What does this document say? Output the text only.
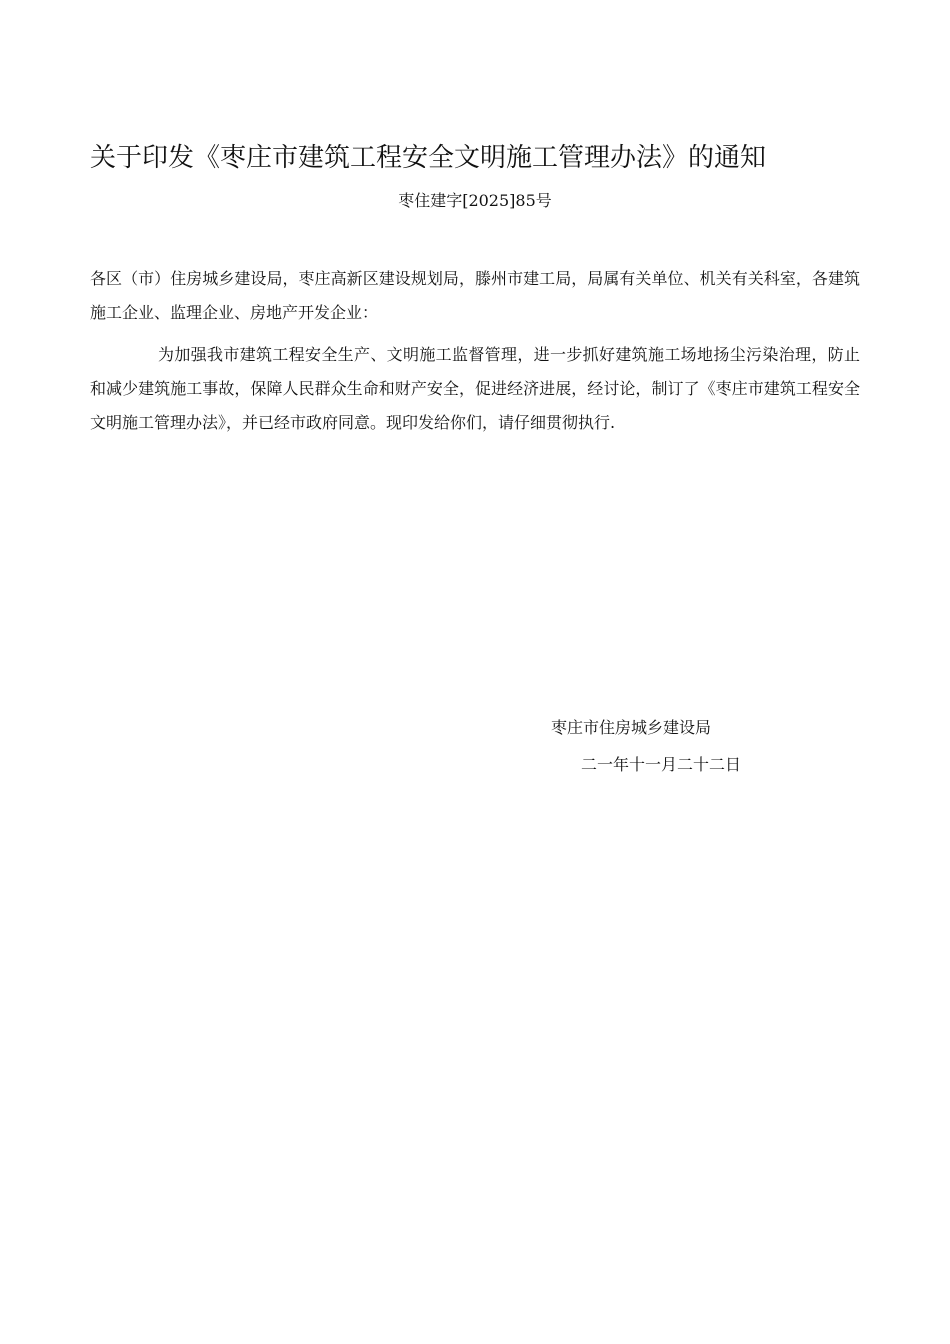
关于印发《枣庄市建筑工程安全文明施工管理办法》的通知
枣住建字[2025]85号
各区（市）住房城乡建设局，枣庄高新区建设规划局，滕州市建工局，局属有关单位、机关有关科室，各建筑施工企业、监理企业、房地产开发企业：
为加强我市建筑工程安全生产、文明施工监督管理，进一步抓好建筑施工场地扬尘污染治理，防止和减少建筑施工事故，保障人民群众生命和财产安全，促进经济进展，经讨论，制订了《枣庄市建筑工程安全文明施工管理办法》，并已经市政府同意。现印发给你们，请仔细贯彻执行.
枣庄市住房城乡建设局
二一年十一月二十二日
